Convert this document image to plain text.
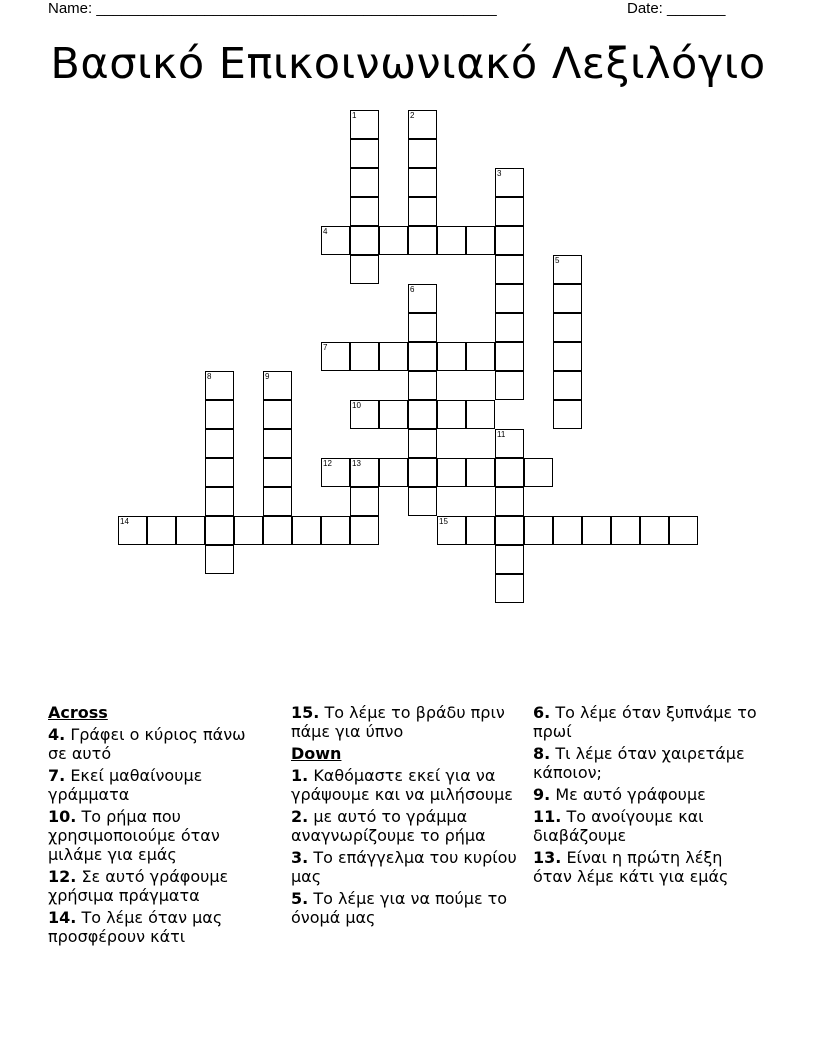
Name: ________________________________________________	Date: _______
Βασικό Επικοινωνιακό Λεξιλόγιο
1	2
3
4
5
6
7
8	9
10
11
12	13
14	15
Across
4. Γράφει ο κύριος πάνω σε αυτό
7. Εκεί μαθαίνουμε γράμματα
10. Το ρήμα που χρησιμοποιούμε όταν μιλάμε για εμάς
12. Σε αυτό γράφουμε χρήσιμα πράγματα
14. Το λέμε όταν μας προσφέρουν κάτι
15. Το λέμε το βράδυ πριν πάμε για ύπνο
Down
1. Καθόμαστε εκεί για να γράψουμε και να μιλήσουμε
2. με αυτό το γράμμα αναγνωρίζουμε το ρήμα
3. Το επάγγελμα του κυρίου μας
5. Το λέμε για να πούμε το όνομά μας
6. Το λέμε όταν ξυπνάμε το πρωί
8. Τι λέμε όταν χαιρετάμε κάποιον;
9. Με αυτό γράφουμε
11. Το ανοίγουμε και διαβάζουμε
13. Είναι η πρώτη λέξη όταν λέμε κάτι για εμάς
